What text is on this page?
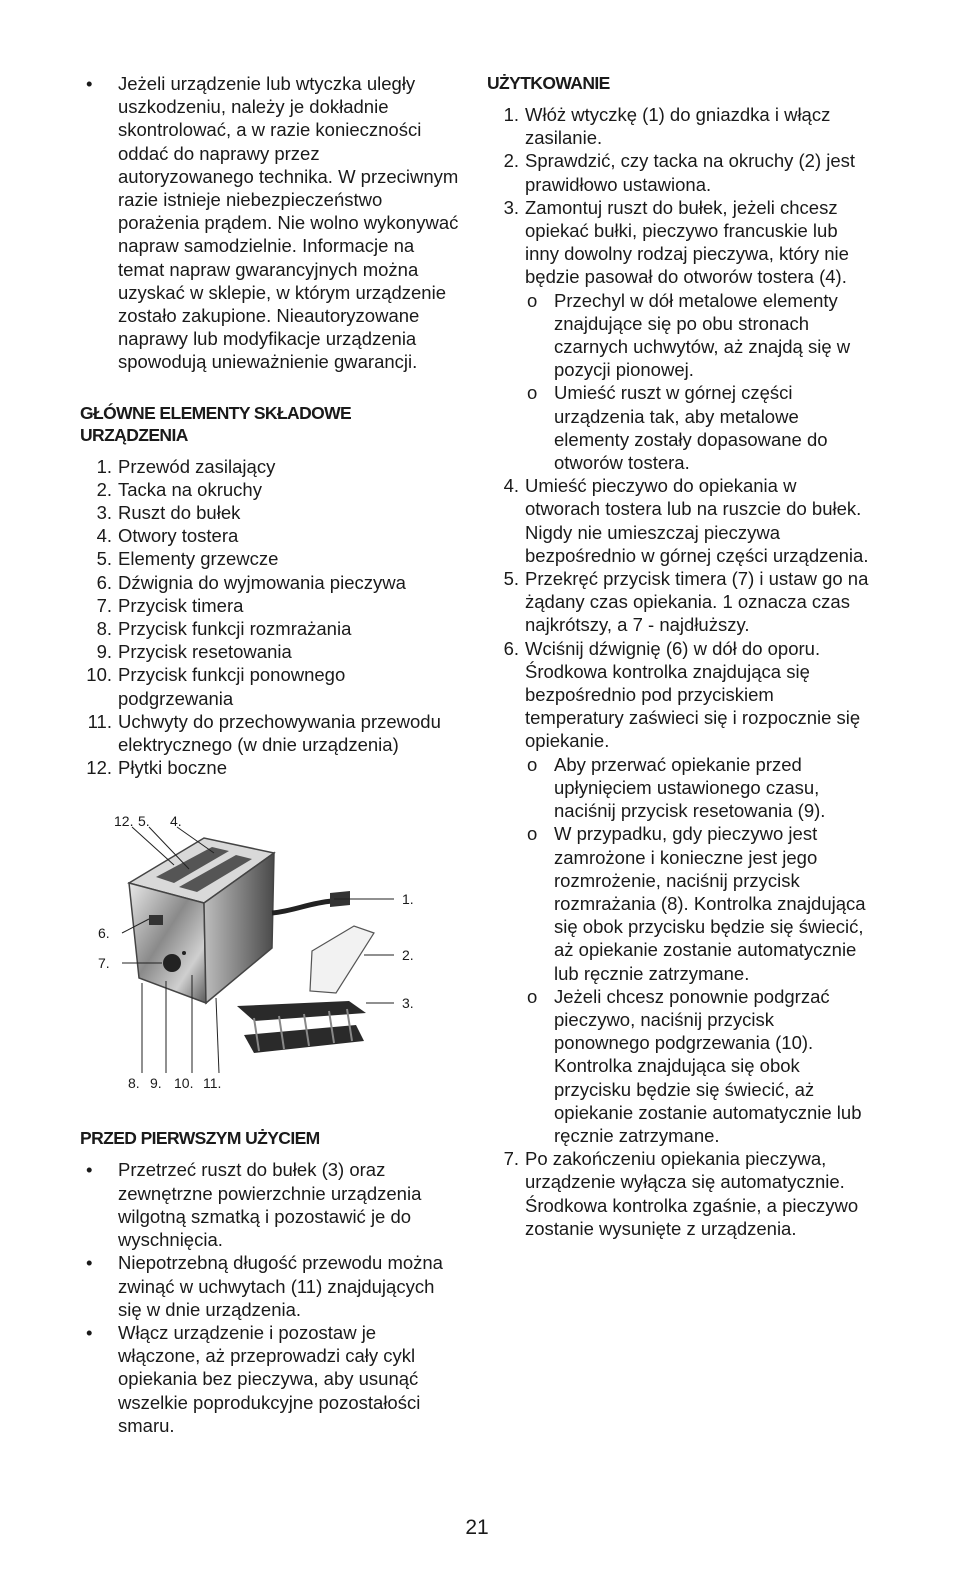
• Jeżeli urządzenie lub wtyczka uległy uszkodzeniu, należy je dokładnie skontrolować, a w razie konieczności oddać do naprawy przez autoryzowanego technika. W przeciwnym razie istnieje niebezpieczeństwo porażenia prądem. Nie wolno wykonywać napraw samodzielnie. Informacje na temat napraw gwarancyjnych można uzyskać w sklepie, w którym urządzenie zostało zakupione. Nieautoryzowane naprawy lub modyfikacje urządzenia spowodują unieważnienie gwarancji.

GŁÓWNE ELEMENTY SKŁADOWE
URZĄDZENIA

1. Przewód zasilający

2. Tacka na okruchy

3. Ruszt do bułek

4. Otwory tostera

5. Elementy grzewcze

6. Dźwignia do wyjmowania pieczywa

7. Przycisk timera

8. Przycisk funkcji rozmrażania

9. Przycisk resetowania

10. Przycisk funkcji ponownego podgrzewania

11. Uchwyty do przechowywania przewodu elektrycznego (w dnie urządzenia)

12. Płytki boczne

12. 5. 4.
1.
2.
3.
6.
7.
8. 9. 10. 11.
PRZED PIERWSZYM UŻYCIEM

• Przetrzeć ruszt do bułek (3) oraz zewnętrzne powierzchnie urządzenia wilgotną szmatką i pozostawić je do wyschnięcia.

• Niepotrzebną długość przewodu można zwinąć w uchwytach (11) znajdujących się w dnie urządzenia.

• Włącz urządzenie i pozostaw je włączone, aż przeprowadzi cały cykl opiekania bez pieczywa, aby usunąć wszelkie poprodukcyjne pozostałości smaru.

UŻYTKOWANIE

1. Włóż wtyczkę (1) do gniazdka i włącz zasilanie.

2. Sprawdzić, czy tacka na okruchy (2) jest prawidłowo ustawiona.

3. Zamontuj ruszt do bułek, jeżeli chcesz opiekać bułki, pieczywo francuskie lub inny dowolny rodzaj pieczywa, który nie będzie pasował do otworów tostera (4).

o Przechyl w dół metalowe elementy znajdujące się po obu stronach czarnych uchwytów, aż znajdą się w pozycji pionowej.

o Umieść ruszt w górnej części urządzenia tak, aby metalowe elementy zostały dopasowane do otworów tostera.

4. Umieść pieczywo do opiekania w otworach tostera lub na ruszcie do bułek. Nigdy nie umieszczaj pieczywa bezpośrednio w górnej części urządzenia.

5. Przekręć przycisk timera (7) i ustaw go na żądany czas opiekania. 1 oznacza czas najkrótszy, a 7 - najdłuższy.

6. Wciśnij dźwignię (6) w dół do oporu. Środkowa kontrolka znajdująca się bezpośrednio pod przyciskiem temperatury zaświeci się i rozpocznie się opiekanie.

o Aby przerwać opiekanie przed upłynięciem ustawionego czasu, naciśnij przycisk resetowania (9).

o W przypadku, gdy pieczywo jest zamrożone i konieczne jest jego rozmrożenie, naciśnij przycisk rozmrażania (8). Kontrolka znajdująca się obok przycisku będzie się świecić, aż opiekanie zostanie automatycznie lub ręcznie zatrzymane.

o Jeżeli chcesz ponownie podgrzać pieczywo, naciśnij przycisk ponownego podgrzewania (10). Kontrolka znajdująca się obok przycisku będzie się świecić, aż opiekanie zostanie automatycznie lub ręcznie zatrzymane.

7. Po zakończeniu opiekania pieczywa, urządzenie wyłącza się automatycznie. Środkowa kontrolka zgaśnie, a pieczywo zostanie wysunięte z urządzenia.

21
